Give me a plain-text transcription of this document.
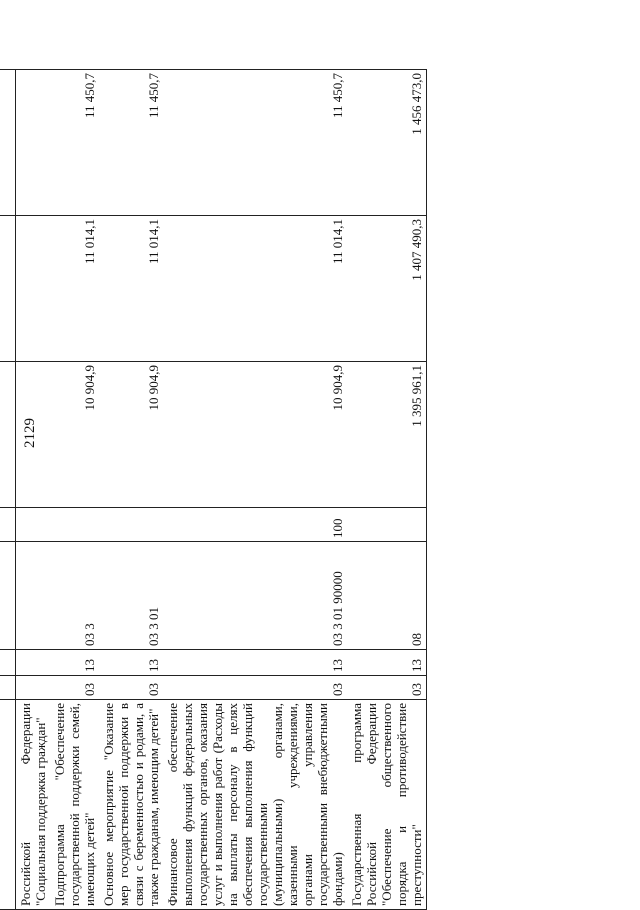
2129

Российской Федерации "Социальная поддержка граждан"							
Подпрограмма "Обеспечение государственной поддержки семей, имеющих детей"	03	13	03 3		10 904,9	11 014,1	11 450,7
Основное мероприятие "Оказание мер государственной поддержки в связи с беременностью и родами, а также гражданам, имеющим детей"	03	13	03 3 01		10 904,9	11 014,1	11 450,7
Финансовое обеспечение выполнения функций федеральных государственных органов, оказания услуг и выполнения работ (Расходы на выплаты персоналу в целях обеспечения выполнения функций государственными (муниципальными) органами, казенными учреждениями, органами управления государственными внебюджетными фондами)	03	13	03 3 01 90000	100	10 904,9	11 014,1	11 450,7
Государственная программа Российской Федерации "Обеспечение общественного порядка и противодействие преступности"	03	13	08		1 395 961,1	1 407 490,3	1 456 473,0
